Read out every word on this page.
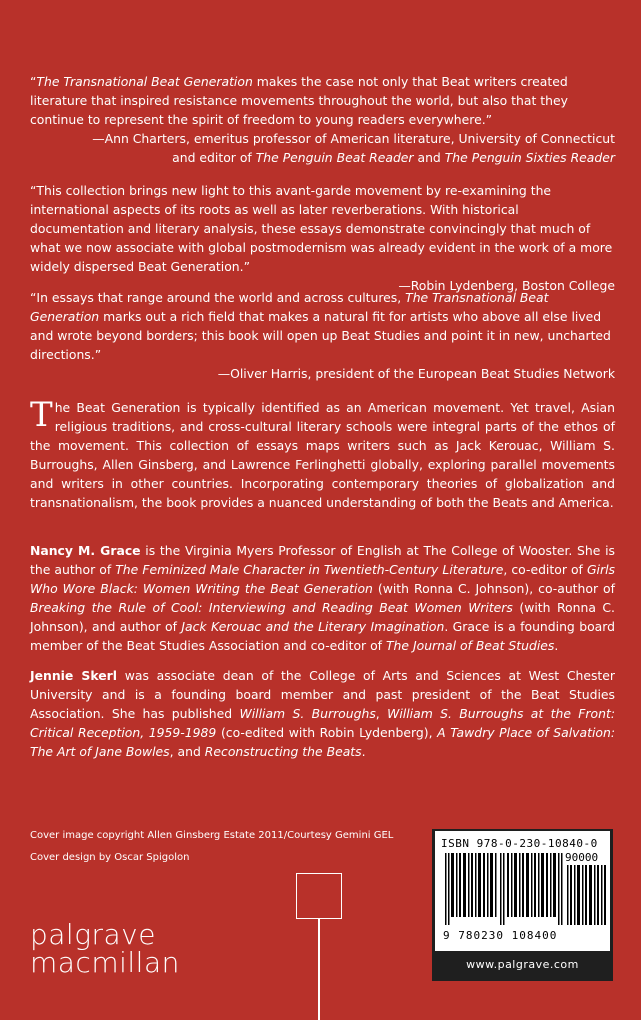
“The Transnational Beat Generation makes the case not only that Beat writers created literature that inspired resistance movements throughout the world, but also that they continue to represent the spirit of freedom to young readers everywhere.”
—Ann Charters, emeritus professor of American literature, University of Connecticut
and editor of The Penguin Beat Reader and The Penguin Sixties Reader
“This collection brings new light to this avant-garde movement by re-examining the international aspects of its roots as well as later reverberations. With historical documentation and literary analysis, these essays demonstrate convincingly that much of what we now associate with global postmodernism was already evident in the work of a more widely dispersed Beat Generation.”
—Robin Lydenberg, Boston College
“In essays that range around the world and across cultures, The Transnational Beat Generation marks out a rich field that makes a natural fit for artists who above all else lived and wrote beyond borders; this book will open up Beat Studies and point it in new, uncharted directions.”
—Oliver Harris, president of the European Beat Studies Network
The Beat Generation is typically identified as an American movement. Yet travel, Asian religious traditions, and cross-cultural literary schools were integral parts of the ethos of the movement. This collection of essays maps writers such as Jack Kerouac, William S. Burroughs, Allen Ginsberg, and Lawrence Ferlinghetti globally, exploring parallel movements and writers in other countries. Incorporating contemporary theories of globalization and transnationalism, the book provides a nuanced understanding of both the Beats and America.
Nancy M. Grace is the Virginia Myers Professor of English at The College of Wooster. She is the author of The Feminized Male Character in Twentieth-Century Literature, co-editor of Girls Who Wore Black: Women Writing the Beat Generation (with Ronna C. Johnson), co-author of Breaking the Rule of Cool: Interviewing and Reading Beat Women Writers (with Ronna C. Johnson), and author of Jack Kerouac and the Literary Imagination. Grace is a founding board member of the Beat Studies Association and co-editor of The Journal of Beat Studies.
Jennie Skerl was associate dean of the College of Arts and Sciences at West Chester University and is a founding board member and past president of the Beat Studies Association. She has published William S. Burroughs, William S. Burroughs at the Front: Critical Reception, 1959-1989 (co-edited with Robin Lydenberg), A Tawdry Place of Salvation: The Art of Jane Bowles, and Reconstructing the Beats.
Cover image copyright Allen Ginsberg Estate 2011/Courtesy Gemini GEL
Cover design by Oscar Spigolon
palgrave
macmillan
ISBN 978-0-230-10840-0
90000
9 780230 108400
www.palgrave.com
